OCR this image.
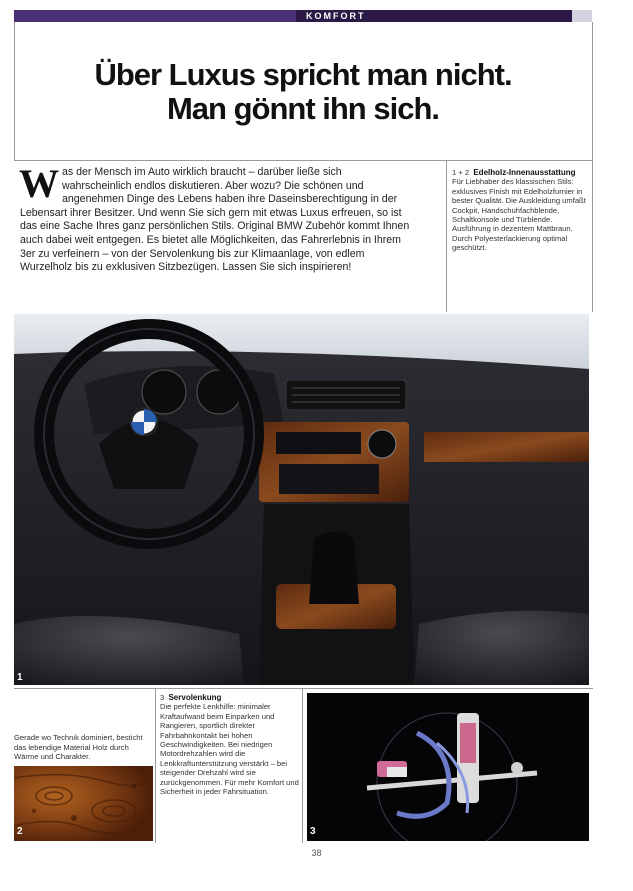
KOMFORT
Über Luxus spricht man nicht.
Man gönnt ihn sich.
W as der Mensch im Auto wirklich braucht – darüber ließe sich wahrscheinlich endlos diskutieren. Aber wozu? Die schönen und angenehmen Dinge des Lebens haben ihre Daseinsberechtigung in der Lebensart ihrer Besitzer. Und wenn Sie sich gern mit etwas Luxus erfreuen, so ist das eine Sache Ihres ganz persönlichen Stils. Original BMW Zubehör kommt Ihnen auch dabei weit entgegen. Es bietet alle Möglichkeiten, das Fahrerlebnis in Ihrem 3er zu verfeinern – von der Servolenkung bis zur Klimaanlage, von edlem Wurzelholz bis zu exklusiven Sitzbezügen. Lassen Sie sich inspirieren!
1 + 2 Edelholz-Innenausstattung
Für Liebhaber des klassischen Stils: exklusives Finish mit Edelholzfurnier in bester Qualität. Die Auskleidung umfaßt Cockpit, Handschuhfachblende, Schaltkonsole und Türblende. Ausführung in dezentem Mattbraun. Durch Polyesterlackierung optimal geschützt.
1
Gerade wo Technik dominiert, besticht das lebendige Material Holz durch Wärme und Charakter.
2
3 Servolenkung
Die perfekte Lenkhilfe: minimaler Kraftaufwand beim Einparken und Rangieren, sportlich direkter Fahrbahnkontakt bei hohen Geschwindigkeiten. Bei niedrigen Motordrehzahlen wird die Lenkkraftunterstützung verstärkt – bei steigender Drehzahl wird sie zurückgenommen. Für mehr Komfort und Sicherheit in jeder Fahrsituation.
3
38
